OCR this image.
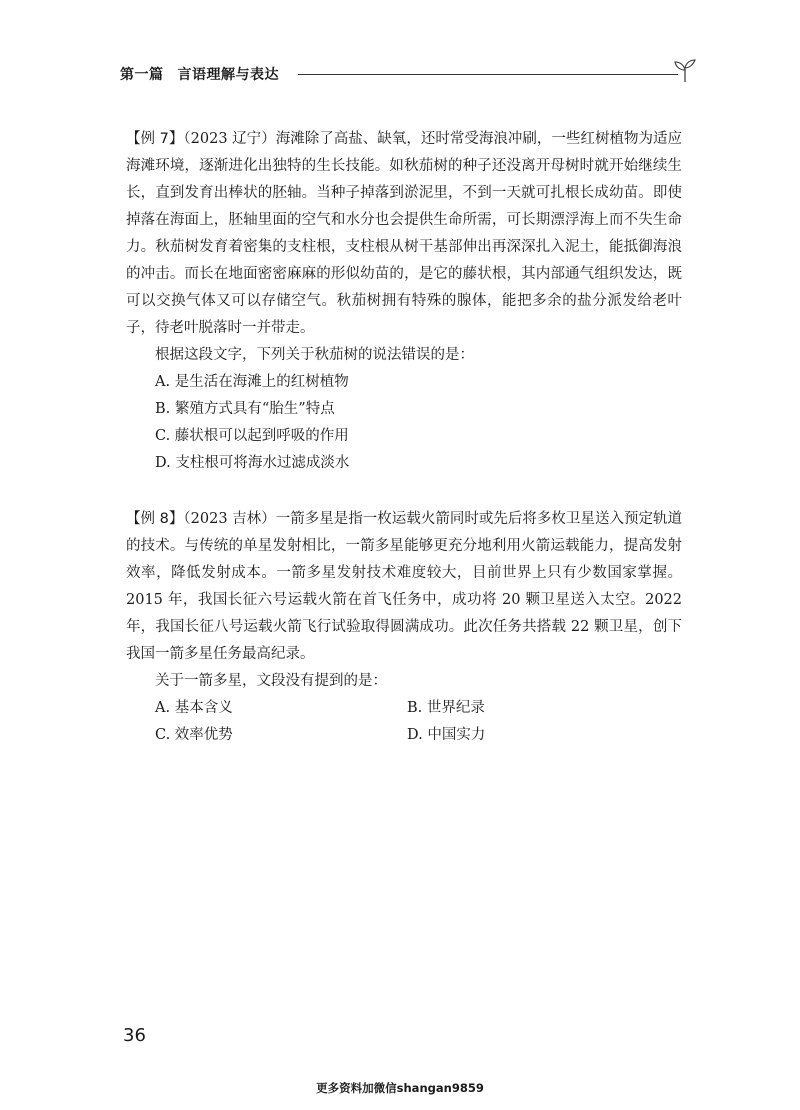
第一篇 言语理解与表达

【例 7】（2023 辽宁）海滩除了高盐、缺氧，还时常受海浪冲刷，一些红树植物为适应海滩环境，逐渐进化出独特的生长技能。如秋茄树的种子还没离开母树时就开始继续生长，直到发育出棒状的胚轴。当种子掉落到淤泥里，不到一天就可扎根长成幼苗。即使掉落在海面上，胚轴里面的空气和水分也会提供生命所需，可长期漂浮海上而不失生命力。秋茄树发育着密集的支柱根，支柱根从树干基部伸出再深深扎入泥土，能抵御海浪的冲击。而长在地面密密麻麻的形似幼苗的，是它的藤状根，其内部通气组织发达，既可以交换气体又可以存储空气。秋茄树拥有特殊的腺体，能把多余的盐分派发给老叶子，待老叶脱落时一并带走。

根据这段文字，下列关于秋茄树的说法错误的是：

A. 是生活在海滩上的红树植物

B. 繁殖方式具有“胎生”特点

C. 藤状根可以起到呼吸的作用

D. 支柱根可将海水过滤成淡水

【例 8】（2023 吉林）一箭多星是指一枚运载火箭同时或先后将多枚卫星送入预定轨道的技术。与传统的单星发射相比，一箭多星能够更充分地利用火箭运载能力，提高发射效率，降低发射成本。一箭多星发射技术难度较大，目前世界上只有少数国家掌握。2015 年，我国长征六号运载火箭在首飞任务中，成功将 20 颗卫星送入太空。2022 年，我国长征八号运载火箭飞行试验取得圆满成功。此次任务共搭载 22 颗卫星，创下我国一箭多星任务最高纪录。

关于一箭多星，文段没有提到的是：

A. 基本含义	B. 世界纪录
C. 效率优势	D. 中国实力
36
更多资料加微信shangan9859
